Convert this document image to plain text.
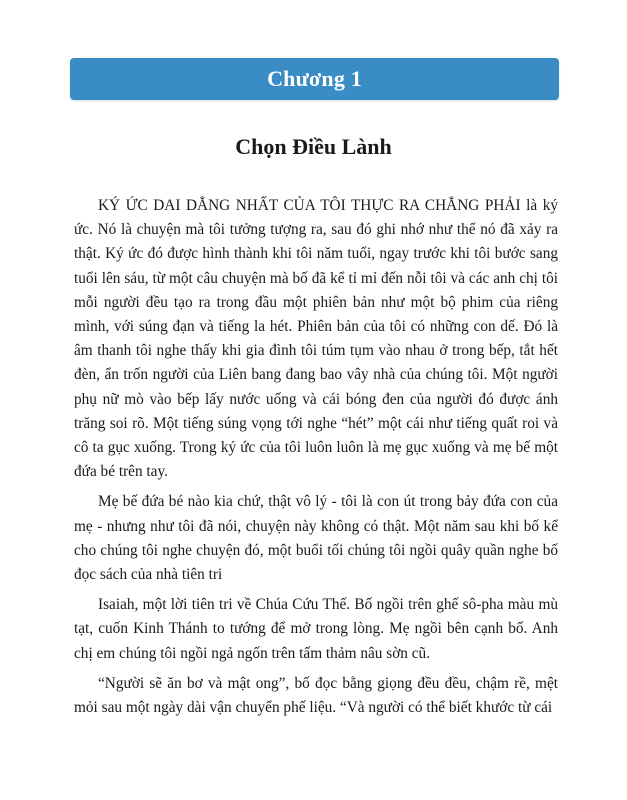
Chương 1
Chọn Điều Lành

KÝ ỨC DAI DẲNG NHẤT CỦA TÔI THỰC RA CHẲNG PHẢI là ký ức. Nó là chuyện mà tôi tưởng tượng ra, sau đó ghi nhớ như thể nó đã xảy ra thật. Ký ức đó được hình thành khi tôi năm tuổi, ngay trước khi tôi bước sang tuổi lên sáu, từ một câu chuyện mà bố đã kể tỉ mỉ đến nỗi tôi và các anh chị tôi mỗi người đều tạo ra trong đầu một phiên bản như một bộ phim của riêng mình, với súng đạn và tiếng la hét. Phiên bản của tôi có những con dế. Đó là âm thanh tôi nghe thấy khi gia đình tôi túm tụm vào nhau ở trong bếp, tắt hết đèn, ẩn trốn người của Liên bang đang bao vây nhà của chúng tôi. Một người phụ nữ mò vào bếp lấy nước uống và cái bóng đen của người đó được ánh trăng soi rõ. Một tiếng súng vọng tới nghe “hét” một cái như tiếng quất roi và cô ta gục xuống. Trong ký ức của tôi luôn luôn là mẹ gục xuống và mẹ bế một đứa bé trên tay.

Mẹ bế đứa bé nào kia chứ, thật vô lý - tôi là con út trong bảy đứa con của mẹ - nhưng như tôi đã nói, chuyện này không có thật. Một năm sau khi bố kể cho chúng tôi nghe chuyện đó, một buổi tối chúng tôi ngồi quây quần nghe bố đọc sách của nhà tiên tri

Isaiah, một lời tiên tri về Chúa Cứu Thế. Bố ngồi trên ghế sô-pha màu mù tạt, cuốn Kinh Thánh to tướng để mở trong lòng. Mẹ ngồi bên cạnh bố. Anh chị em chúng tôi ngồi ngả ngốn trên tấm thảm nâu sờn cũ.

“Người sẽ ăn bơ và mật ong”, bố đọc bằng giọng đều đều, chậm rề, mệt mỏi sau một ngày dài vận chuyển phế liệu. “Và người có thể biết khước từ cái
